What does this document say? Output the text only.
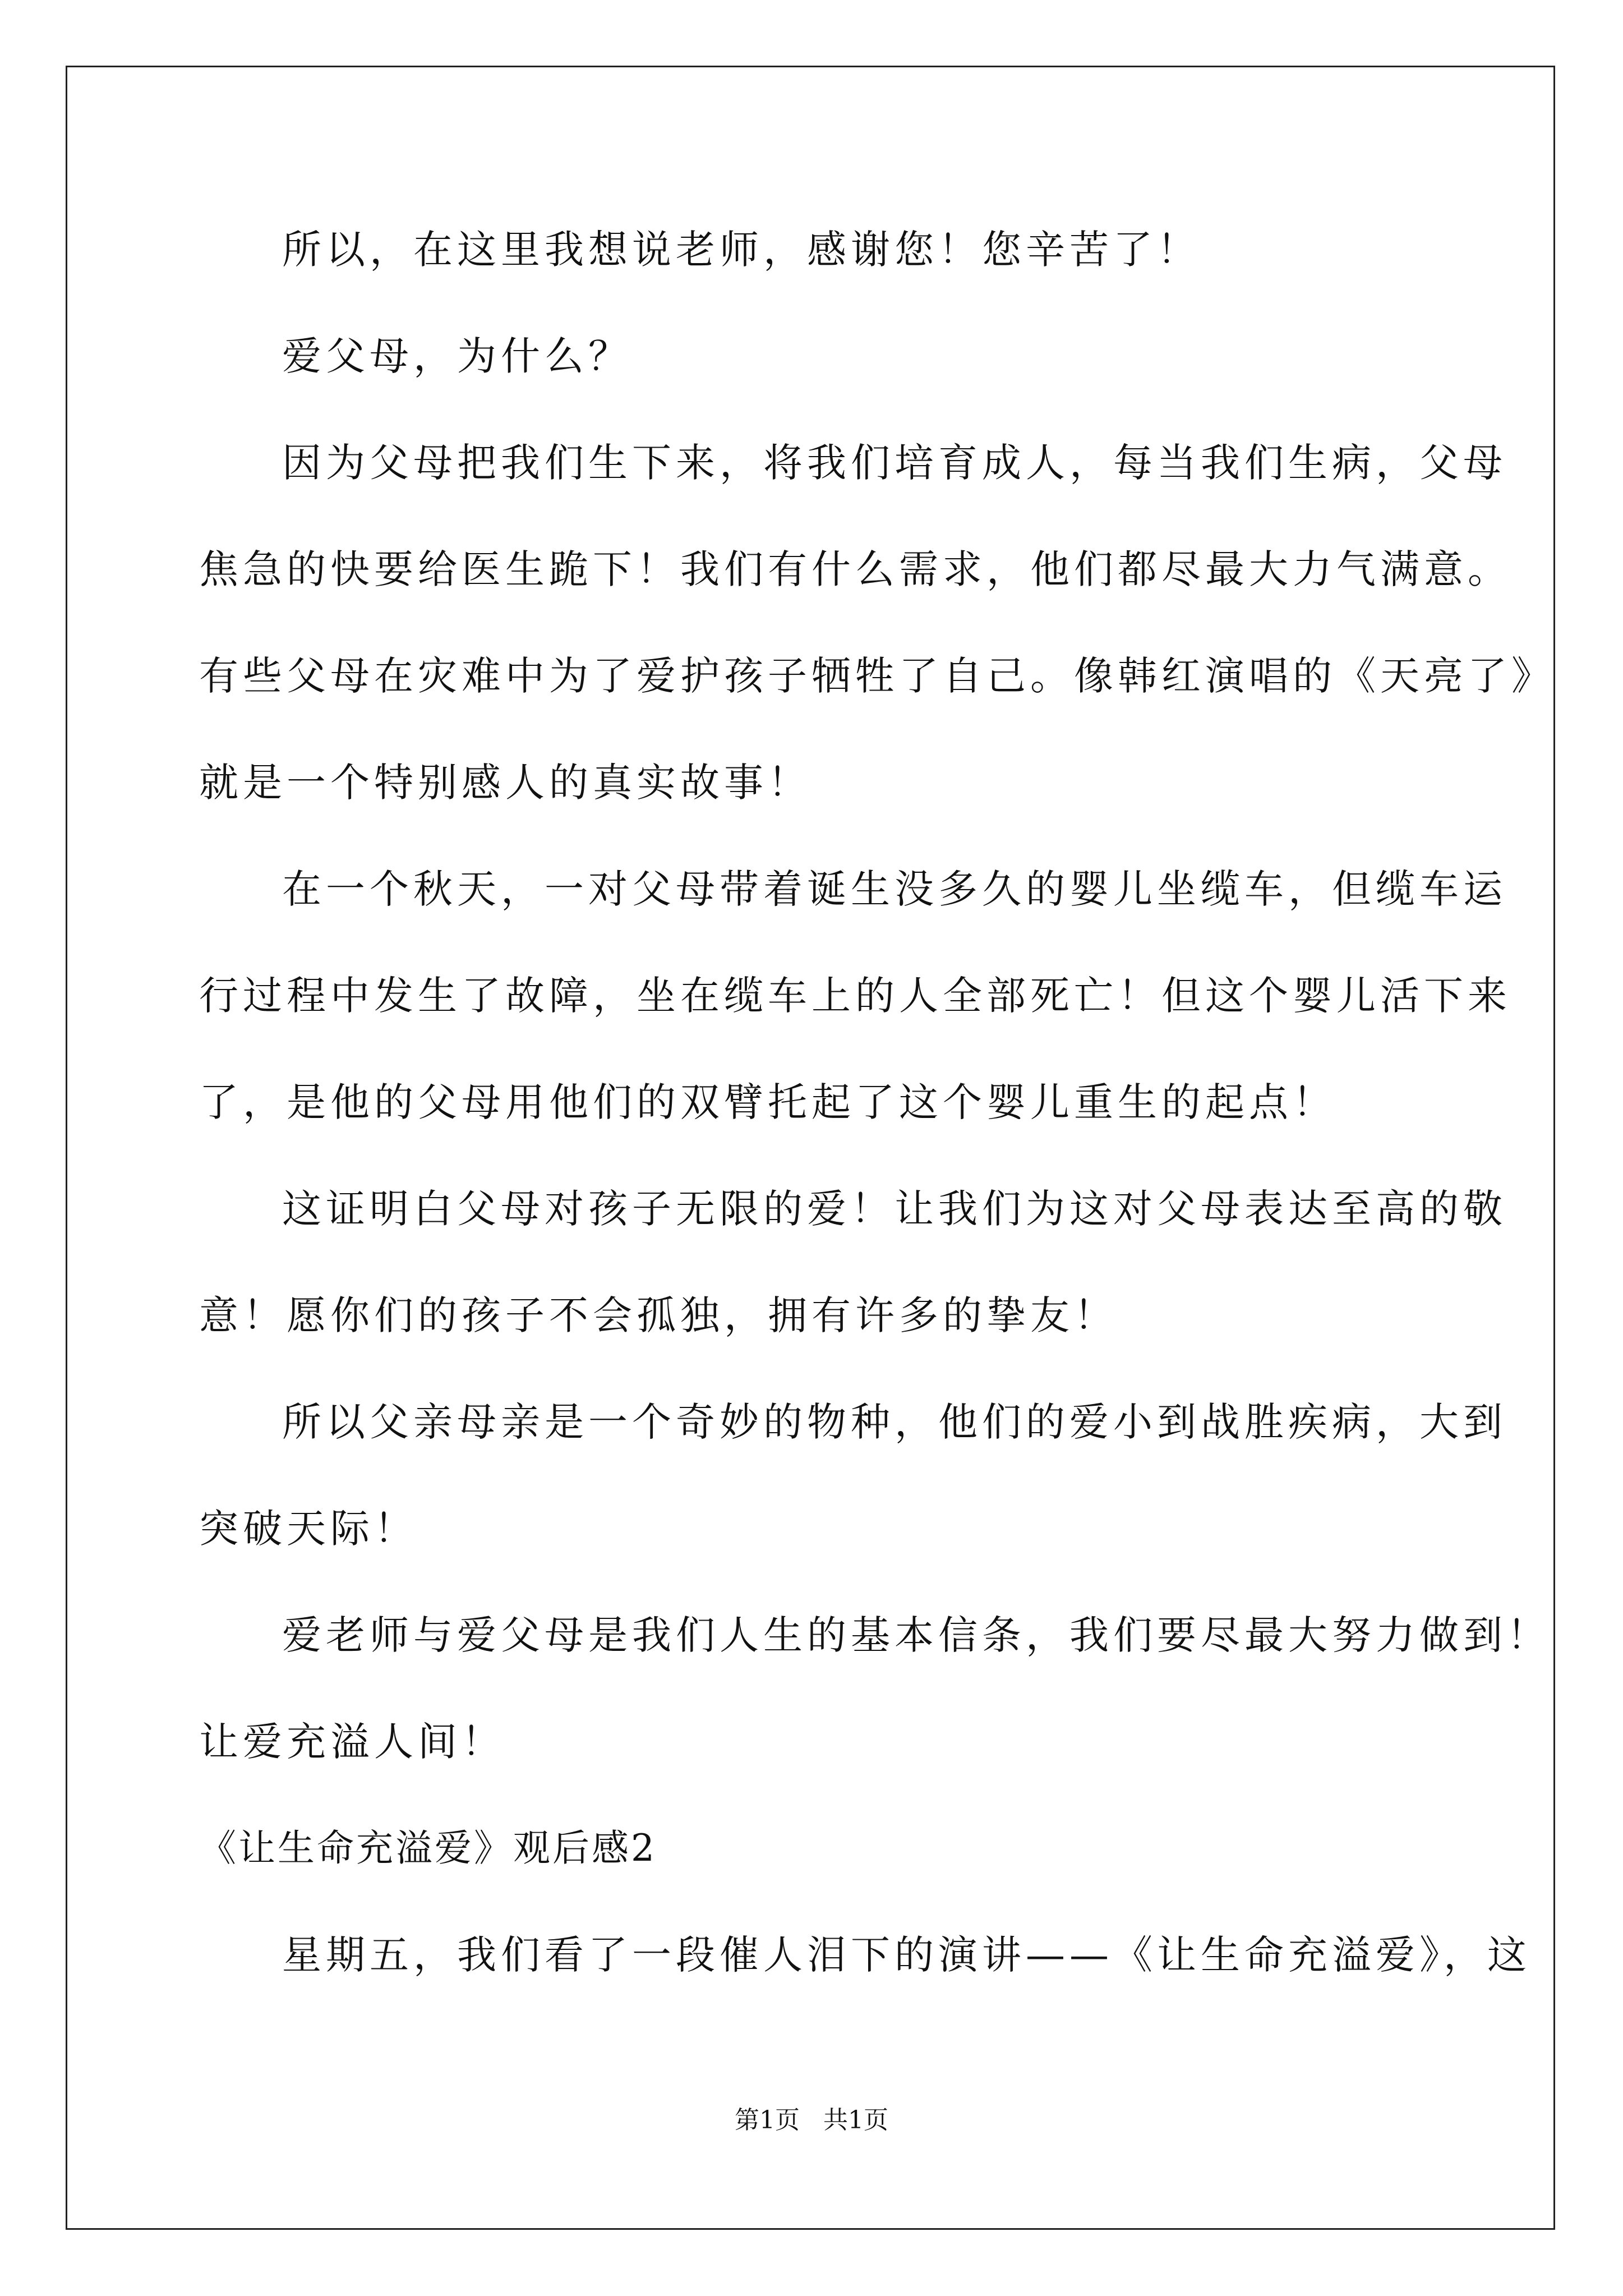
所以，在这里我想说老师，感谢您！您辛苦了！
爱父母，为什么？
因为父母把我们生下来，将我们培育成人，每当我们生病，父母
焦急的快要给医生跪下！我们有什么需求，他们都尽最大力气满意。
有些父母在灾难中为了爱护孩子牺牲了自己。像韩红演唱的《天亮了》
就是一个特别感人的真实故事！
在一个秋天，一对父母带着诞生没多久的婴儿坐缆车，但缆车运
行过程中发生了故障，坐在缆车上的人全部死亡！但这个婴儿活下来
了，是他的父母用他们的双臂托起了这个婴儿重生的起点！
这证明白父母对孩子无限的爱！让我们为这对父母表达至高的敬
意！愿你们的孩子不会孤独，拥有许多的挚友！
所以父亲母亲是一个奇妙的物种，他们的爱小到战胜疾病，大到
突破天际！
爱老师与爱父母是我们人生的基本信条，我们要尽最大努力做到！
让爱充溢人间！
《让生命充溢爱》观后感2
星期五，我们看了一段催人泪下的演讲——《让生命充溢爱》，这
第1页   共1页
